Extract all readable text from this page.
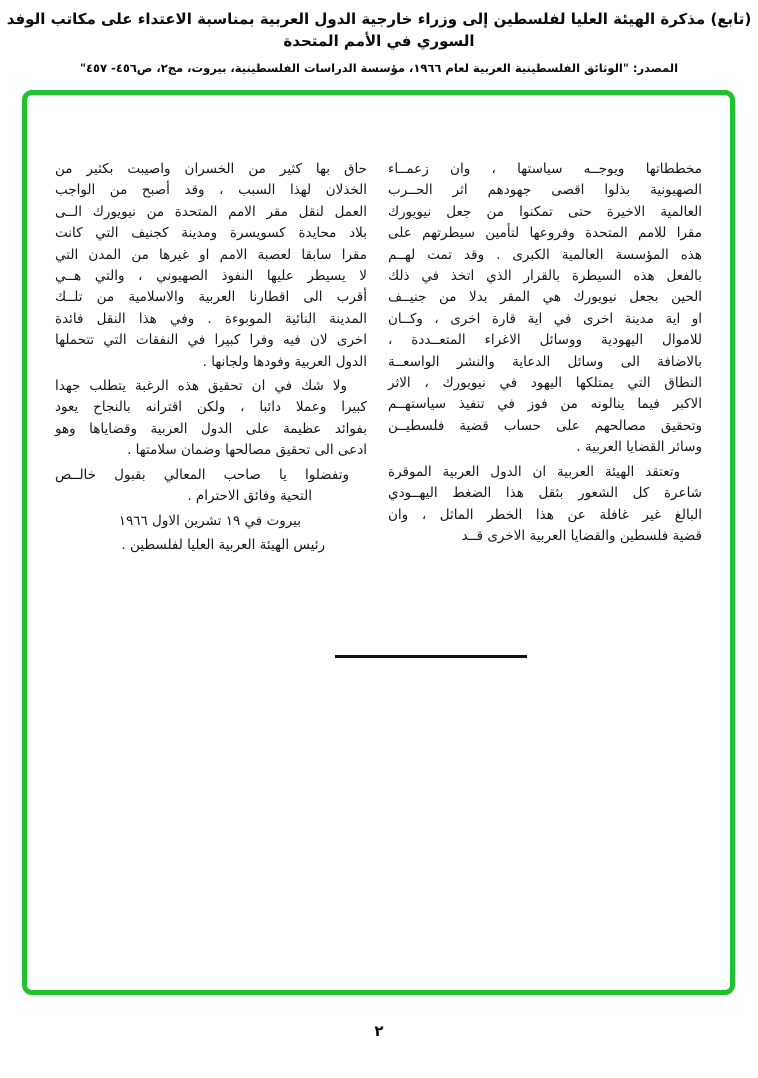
(تابع) مذكرة الهيئة العليا لفلسطين إلى وزراء خارجية الدول العربية بمناسبة الاعتداء على مكاتب الوفد السوري في الأمم المتحدة
المصدر: "الوثائق الفلسطينية العربية لعام ١٩٦٦، مؤسسة الدراسات الفلسطينية، بيروت، مج٢، ص٤٥٦- ٤٥٧"
مخططاتها ويوجــه سياستها ، وان زعمــاء
الصهيونية بذلوا اقصى جهودهم اثر الحــرب
العالمية الاخيرة حتى تمكنوا من جعل نيويورك
مقرا للامم المتحدة وفروعها لتأمين سيطرتهم على
هذه المؤسسة العالمية الكبرى . وقد تمت لهــم
بالفعل هذه السيطرة بالقرار الذي اتخذ في ذلك
الحين بجعل نيويورك هي المقر بدلا من جنيــف
او اية مدينة اخرى في اية قارة اخرى ، وكــان
للاموال اليهودية ووسائل الاغراء المتعــددة ،
بالاضافة الى وسائل الدعاية والنشر الواسعــة
النطاق التي يمتلكها اليهود في نيويورك ، الاثر
الاكبر فيما ينالونه من فوز في تنفيذ سياستهــم
وتحقيق مصالحهم على حساب قضية فلسطيــن
وسائر القضايا العربية .
وتعتقد الهيئة العربية ان الدول العربية الموقرة
شاعرة كل الشعور بثقل هذا الضغط اليهــودي
البالغ غير غافلة عن هذا الخطر الماثل ، وان
قضية فلسطين والقضايا العربية الاخرى قــد
حاق بها كثير من الخسران واصيبت بكثير من
الخذلان لهذا السبب ، وقد أصبح من الواجب
العمل لنقل مقر الامم المتحدة من نيويورك الــى
بلاد محايدة كسويسرة ومدينة كجنيف التي كانت
مقرا سابقا لعصبة الامم او غيرها من المدن التي
لا يسيطر عليها النفوذ الصهيوني ، والتي هــي
أقرب الى اقطارنا العربية والاسلامية من تلــك
المدينة النائية الموبوءة . وفي هذا النقل فائدة
اخرى لان فيه وفرا كبيرا في النفقات التي تتحملها
الدول العربية وفودها ولجانها .
ولا شك في ان تحقيق هذه الرغبة يتطلب جهدا
كبيرا وعملا دائبا ، ولكن اقترانه بالنجاح يعود
بفوائد عظيمة على الدول العربية وقضاياها وهو
ادعى الى تحقيق مصالحها وضمان سلامتها .
وتفضلوا يا صاحب المعالي بقبول خالــص
التحية وفائق الاحترام .
بيروت في ١٩ تشرين الاول ١٩٦٦
رئيس الهيئة العربية العليا لفلسطين .
٢
